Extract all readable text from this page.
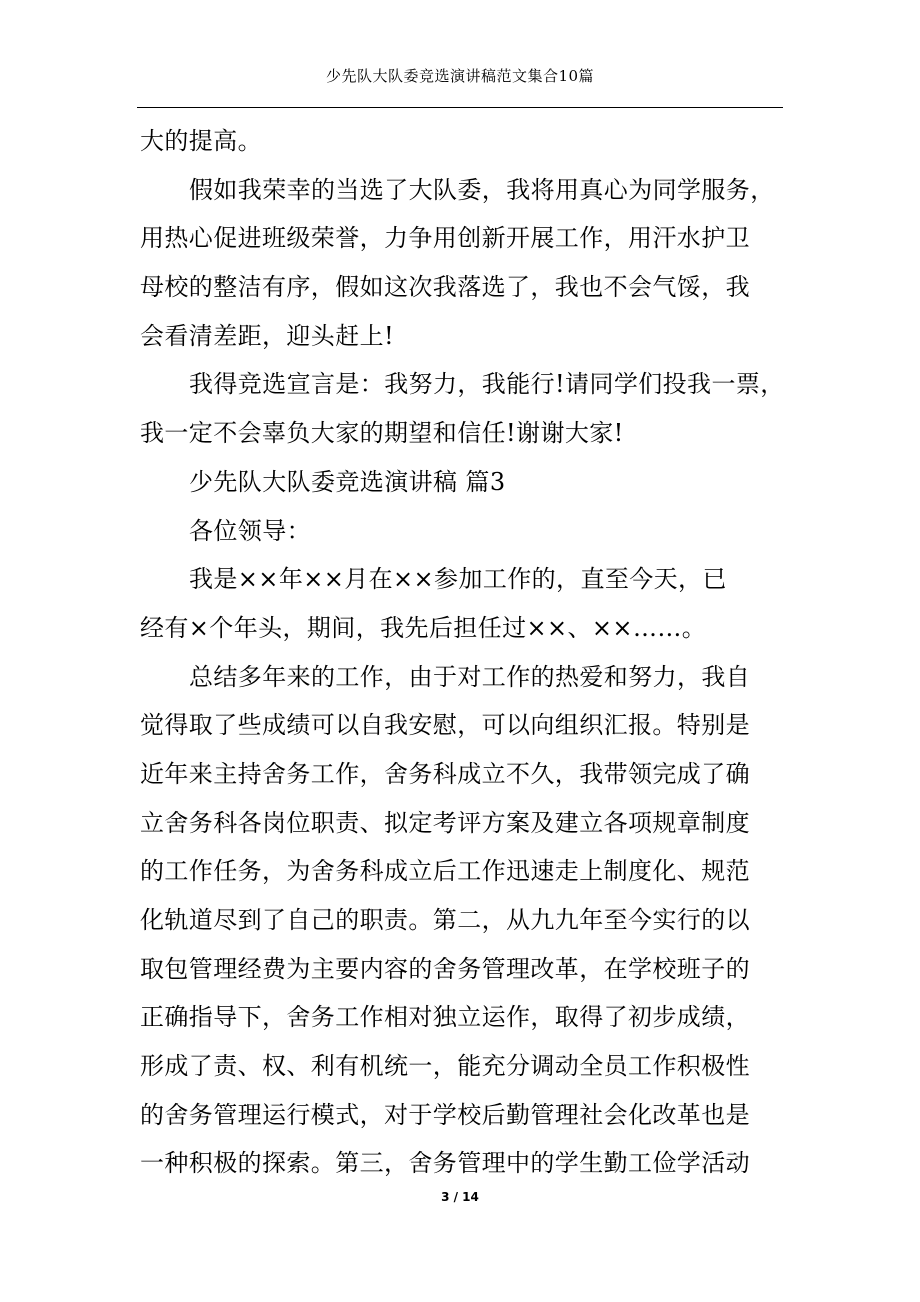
少先队大队委竞选演讲稿范文集合10篇
大的提高。
假如我荣幸的当选了大队委，我将用真心为同学服务，
用热心促进班级荣誉，力争用创新开展工作，用汗水护卫
母校的整洁有序，假如这次我落选了，我也不会气馁，我
会看清差距，迎头赶上!
我得竞选宣言是：我努力，我能行!请同学们投我一票，
我一定不会辜负大家的期望和信任!谢谢大家!
少先队大队委竞选演讲稿 篇3
各位领导：
我是××年××月在××参加工作的，直至今天，已
经有×个年头，期间，我先后担任过××、××……。
总结多年来的工作，由于对工作的热爱和努力，我自
觉得取了些成绩可以自我安慰，可以向组织汇报。特别是
近年来主持舍务工作，舍务科成立不久，我带领完成了确
立舍务科各岗位职责、拟定考评方案及建立各项规章制度
的工作任务，为舍务科成立后工作迅速走上制度化、规范
化轨道尽到了自己的职责。第二，从九九年至今实行的以
取包管理经费为主要内容的舍务管理改革，在学校班子的
正确指导下，舍务工作相对独立运作，取得了初步成绩，
形成了责、权、利有机统一，能充分调动全员工作积极性
的舍务管理运行模式，对于学校后勤管理社会化改革也是
一种积极的探索。第三，舍务管理中的学生勤工俭学活动
3 / 14
